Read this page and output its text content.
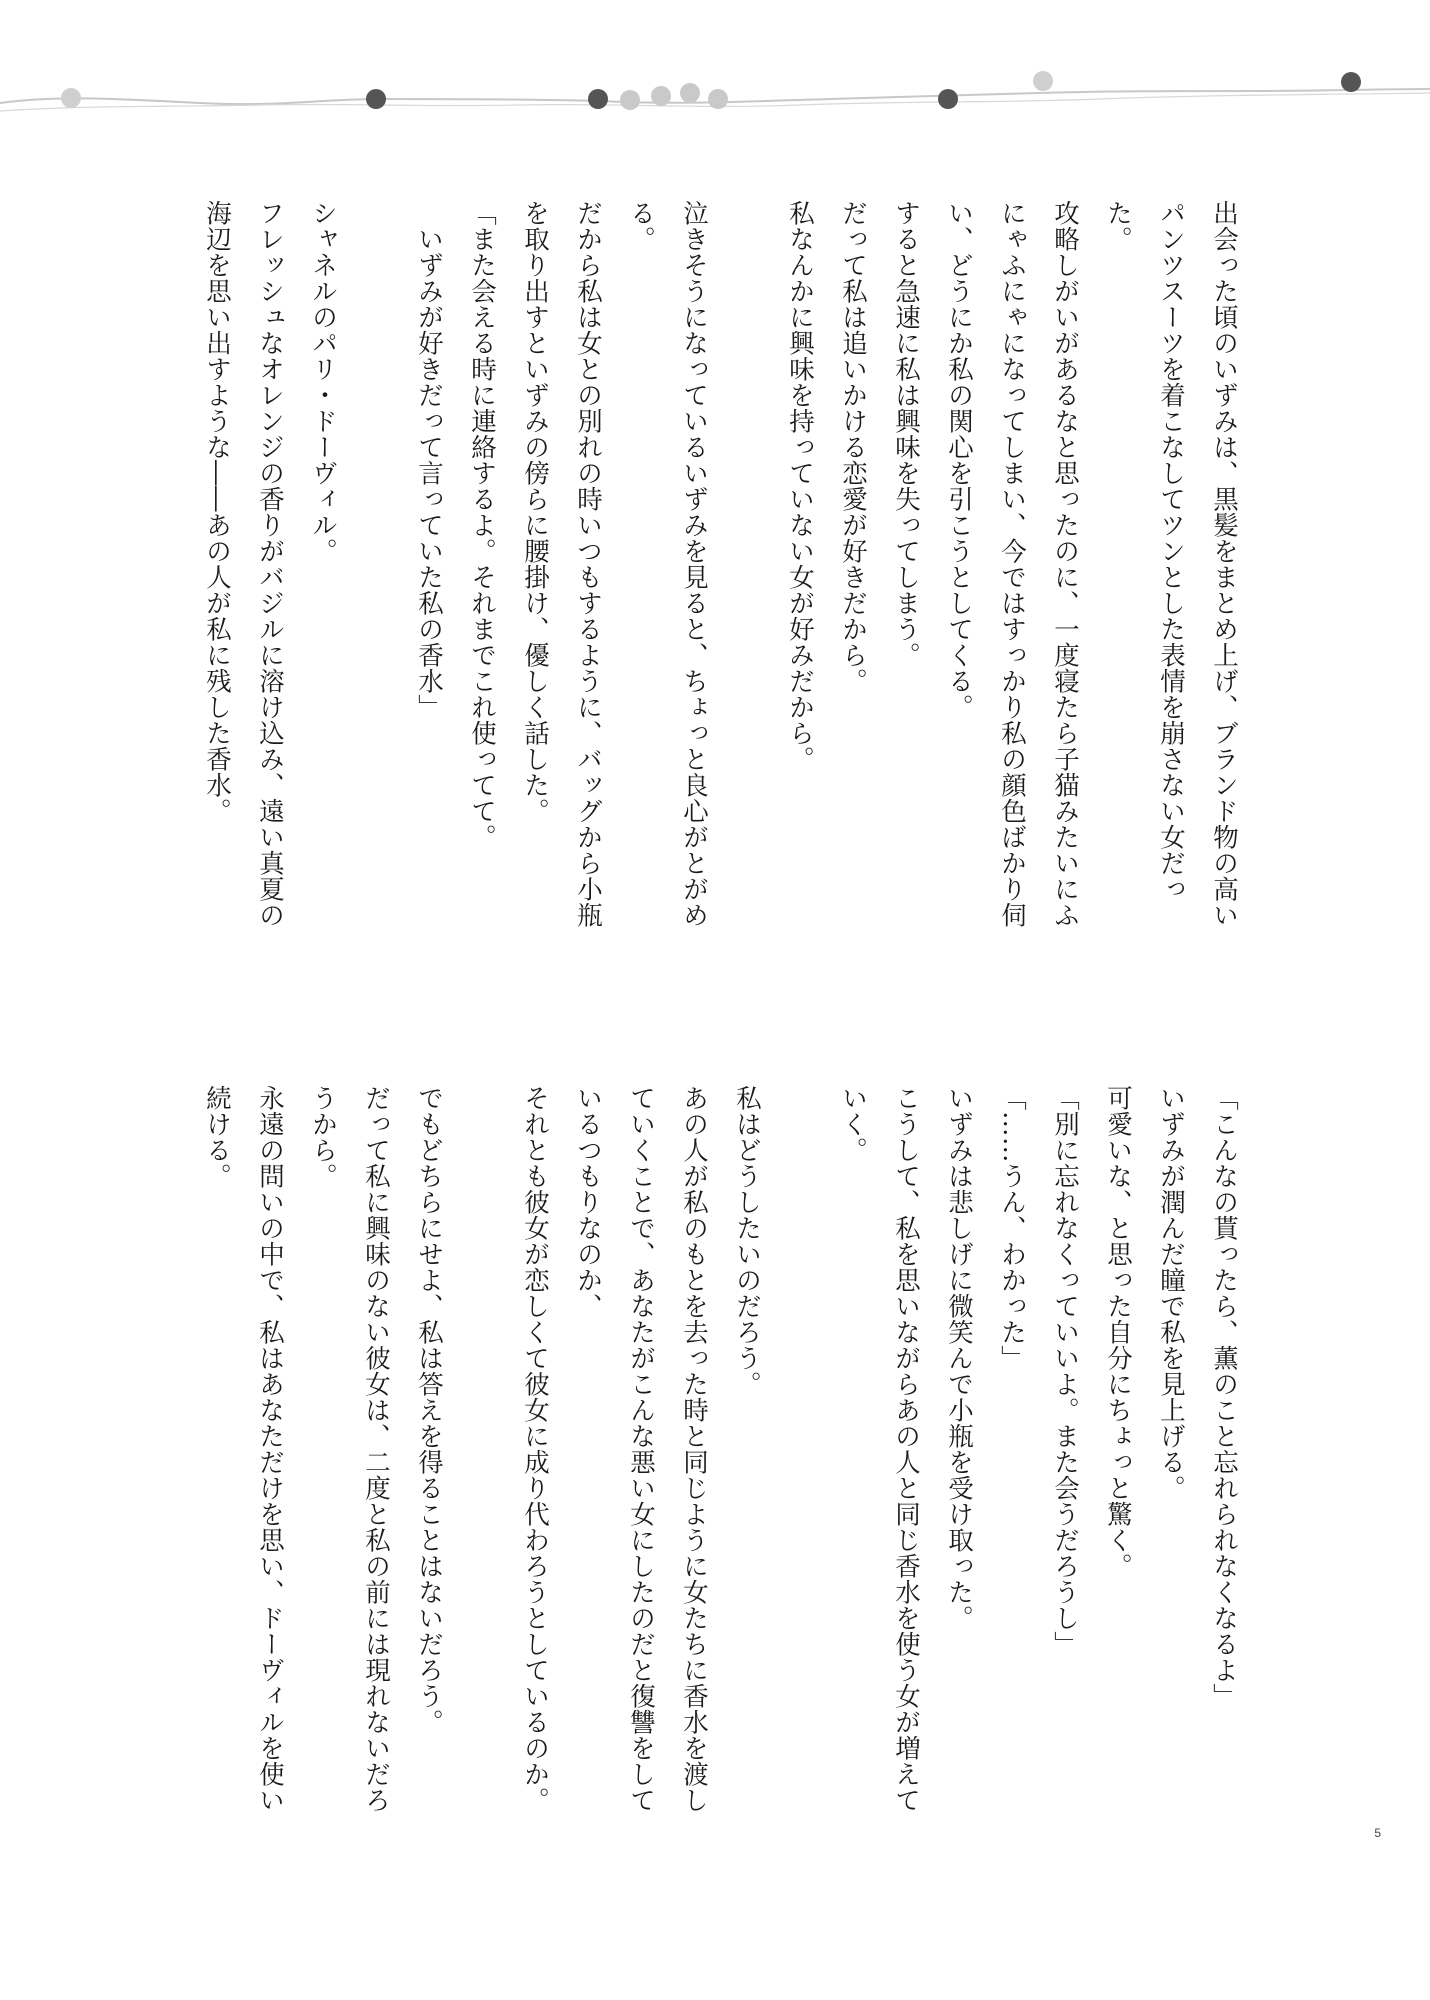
出会った頃のいずみは、黒髪をまとめ上げ、ブランド物の高いパンツスーツを着こなしてツンとした表情を崩さない女だった。
攻略しがいがあるなと思ったのに、一度寝たら子猫みたいにふにゃふにゃになってしまい、今ではすっかり私の顔色ばかり伺い、どうにか私の関心を引こうとしてくる。
すると急速に私は興味を失ってしまう。
だって私は追いかける恋愛が好きだから。
私なんかに興味を持っていない女が好みだから。

泣きそうになっているいずみを見ると、ちょっと良心がとがめる。
だから私は女との別れの時いつもするように、バッグから小瓶を取り出すといずみの傍らに腰掛け、優しく話した。
「また会える時に連絡するよ。それまでこれ使ってて。
　いずみが好きだって言っていた私の香水」

シャネルのパリ・ドーヴィル。
フレッシュなオレンジの香りがバジルに溶け込み、遠い真夏の海辺を思い出すような――あの人が私に残した香水。
「こんなの貰ったら、薫のこと忘れられなくなるよ」
いずみが潤んだ瞳で私を見上げる。
可愛いな、と思った自分にちょっと驚く。
「別に忘れなくっていいよ。また会うだろうし」
「……うん、わかった」
いずみは悲しげに微笑んで小瓶を受け取った。
こうして、私を思いながらあの人と同じ香水を使う女が増えていく。

私はどうしたいのだろう。
あの人が私のもとを去った時と同じように女たちに香水を渡していくことで、あなたがこんな悪い女にしたのだと復讐をしているつもりなのか、
それとも彼女が恋しくて彼女に成り代わろうとしているのか。

でもどちらにせよ、私は答えを得ることはないだろう。
だって私に興味のない彼女は、二度と私の前には現れないだろうから。
永遠の問いの中で、私はあなただけを思い、ドーヴィルを使い続ける。
5
